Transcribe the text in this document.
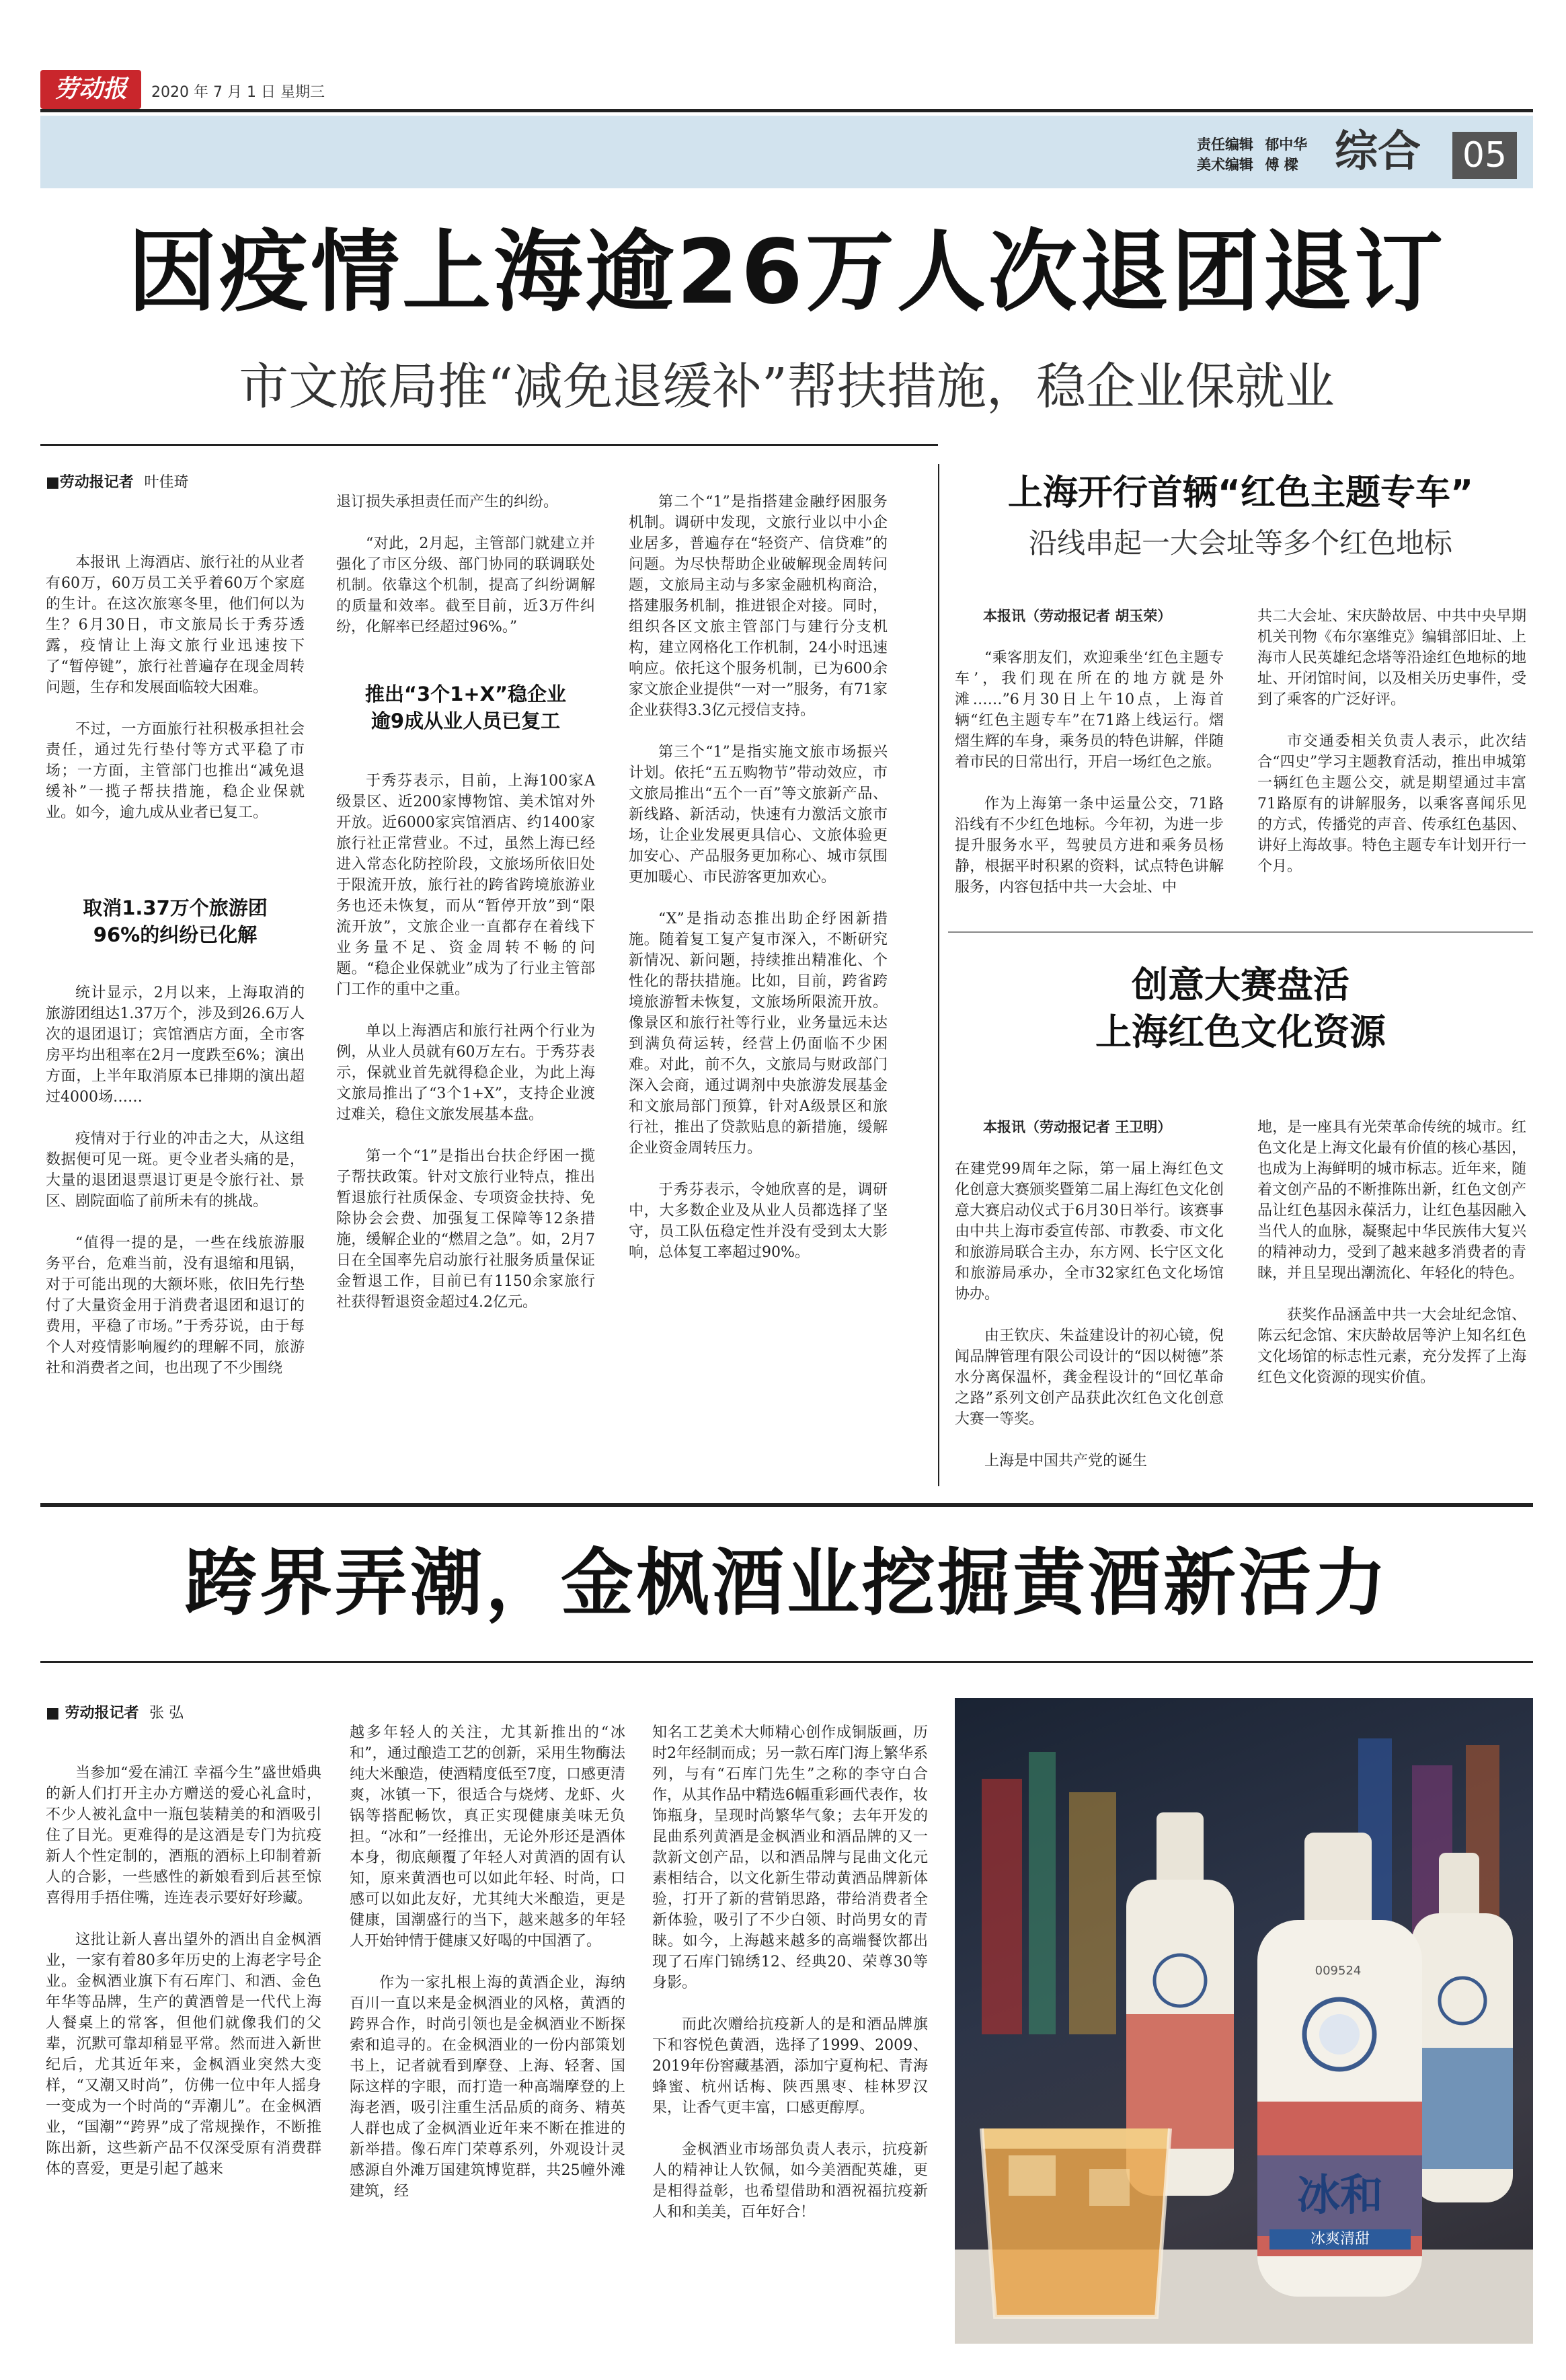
劳动报	2020 年 7 月 1 日 星期三
责任编辑 郁中华
美术编辑 傅 樑 综合 05
因疫情上海逾26万人次退团退订
市文旅局推“减免退缓补”帮扶措施，稳企业保就业
■劳动报记者 叶佳琦

本报讯 上海酒店、旅行社的从业者有60万，60万员工关乎着60万个家庭的生计。在这次旅寒冬里，他们何以为生？6月30日，市文旅局长于秀芬透露，疫情让上海文旅行业迅速按下了“暂停键”，旅行社普遍存在现金周转问题，生存和发展面临较大困难。

不过，一方面旅行社积极承担社会责任，通过先行垫付等方式平稳了市场；一方面，主管部门也推出“减免退缓补”一揽子帮扶措施，稳企业保就业。如今，逾九成从业者已复工。

取消1.37万个旅游团
96%的纠纷已化解

统计显示，2月以来，上海取消的旅游团组达1.37万个，涉及到26.6万人次的退团退订；宾馆酒店方面，全市客房平均出租率在2月一度跌至6%；演出方面，上半年取消原本已排期的演出超过4000场……

疫情对于行业的冲击之大，从这组数据便可见一斑。更令业者头痛的是，大量的退团退票退订更是令旅行社、景区、剧院面临了前所未有的挑战。

“值得一提的是，一些在线旅游服务平台，危难当前，没有退缩和甩锅，对于可能出现的大额坏账，依旧先行垫付了大量资金用于消费者退团和退订的费用，平稳了市场。”于秀芬说，由于每个人对疫情影响履约的理解不同，旅游社和消费者之间，也出现了不少围绕

退订损失承担责任而产生的纠纷。

“对此，2月起，主管部门就建立并强化了市区分级、部门协同的联调联处机制。依靠这个机制，提高了纠纷调解的质量和效率。截至目前，近3万件纠纷，化解率已经超过96%。”

推出“3个1+X”稳企业
逾9成从业人员已复工

于秀芬表示，目前，上海100家A级景区、近200家博物馆、美术馆对外开放。近6000家宾馆酒店、约1400家旅行社正常营业。不过，虽然上海已经进入常态化防控阶段，文旅场所依旧处于限流开放，旅行社的跨省跨境旅游业务也还未恢复，而从“暂停开放”到“限流开放”，文旅企业一直都存在着线下业务量不足、资金周转不畅的问题。“稳企业保就业”成为了行业主管部门工作的重中之重。

单以上海酒店和旅行社两个行业为例，从业人员就有60万左右。于秀芬表示，保就业首先就得稳企业，为此上海文旅局推出了“3个1+X”，支持企业渡过难关，稳住文旅发展基本盘。

第一个“1”是指出台扶企纾困一揽子帮扶政策。针对文旅行业特点，推出暂退旅行社质保金、专项资金扶持、免除协会会费、加强复工保障等12条措施，缓解企业的“燃眉之急”。如，2月7日在全国率先启动旅行社服务质量保证金暂退工作，目前已有1150余家旅行社获得暂退资金超过4.2亿元。

第二个“1”是指搭建金融纾困服务机制。调研中发现，文旅行业以中小企业居多，普遍存在“轻资产、信贷难”的问题。为尽快帮助企业破解现金周转问题，文旅局主动与多家金融机构商洽，搭建服务机制，推进银企对接。同时，组织各区文旅主管部门与建行分支机构，建立网格化工作机制，24小时迅速响应。依托这个服务机制，已为600余家文旅企业提供“一对一”服务，有71家企业获得3.3亿元授信支持。

第三个“1”是指实施文旅市场振兴计划。依托“五五购物节”带动效应，市文旅局推出“五个一百”等文旅新产品、新线路、新活动，快速有力激活文旅市场，让企业发展更具信心、文旅体验更加安心、产品服务更加称心、城市氛围更加暖心、市民游客更加欢心。

“X”是指动态推出助企纾困新措施。随着复工复产复市深入，不断研究新情况、新问题，持续推出精准化、个性化的帮扶措施。比如，目前，跨省跨境旅游暂未恢复，文旅场所限流开放。像景区和旅行社等行业，业务量远未达到满负荷运转，经营上仍面临不少困难。对此，前不久，文旅局与财政部门深入会商，通过调剂中央旅游发展基金和文旅局部门预算，针对A级景区和旅行社，推出了贷款贴息的新措施，缓解企业资金周转压力。

于秀芬表示，令她欣喜的是，调研中，大多数企业及从业人员都选择了坚守，员工队伍稳定性并没有受到太大影响，总体复工率超过90%。

上海开行首辆“红色主题专车”
沿线串起一大会址等多个红色地标

本报讯（劳动报记者 胡玉荣）

“乘客朋友们，欢迎乘坐‘红色主题专车’，我们现在所在的地方就是外滩……”6月30日上午10点，上海首辆“红色主题专车”在71路上线运行。熠熠生辉的车身，乘务员的特色讲解，伴随着市民的日常出行，开启一场红色之旅。

作为上海第一条中运量公交，71路沿线有不少红色地标。今年初，为进一步提升服务水平，驾驶员方进和乘务员杨静，根据平时积累的资料，试点特色讲解服务，内容包括中共一大会址、中

共二大会址、宋庆龄故居、中共中央早期机关刊物《布尔塞维克》编辑部旧址、上海市人民英雄纪念塔等沿途红色地标的地址、开闭馆时间，以及相关历史事件，受到了乘客的广泛好评。

市交通委相关负责人表示，此次结合“四史”学习主题教育活动，推出申城第一辆红色主题公交，就是期望通过丰富71路原有的讲解服务，以乘客喜闻乐见的方式，传播党的声音、传承红色基因、讲好上海故事。特色主题专车计划开行一个月。

创意大赛盘活
上海红色文化资源

本报讯（劳动报记者 王卫明）

在建党99周年之际，第一届上海红色文化创意大赛颁奖暨第二届上海红色文化创意大赛启动仪式于6月30日举行。该赛事由中共上海市委宣传部、市教委、市文化和旅游局联合主办，东方网、长宁区文化和旅游局承办，全市32家红色文化场馆协办。

由王钦庆、朱益建设计的初心镜，倪闻品牌管理有限公司设计的“因以树德”茶水分离保温杯，龚金程设计的“回忆革命之路”系列文创产品获此次红色文化创意大赛一等奖。

上海是中国共产党的诞生

地，是一座具有光荣革命传统的城市。红色文化是上海文化最有价值的核心基因，也成为上海鲜明的城市标志。近年来，随着文创产品的不断推陈出新，红色文创产品让红色基因永葆活力，让红色基因融入当代人的血脉，凝聚起中华民族伟大复兴的精神动力，受到了越来越多消费者的青睐，并且呈现出潮流化、年轻化的特色。

获奖作品涵盖中共一大会址纪念馆、陈云纪念馆、宋庆龄故居等沪上知名红色文化场馆的标志性元素，充分发挥了上海红色文化资源的现实价值。

跨界弄潮，金枫酒业挖掘黄酒新活力
■ 劳动报记者 张 弘

当参加“爱在浦江 幸福今生”盛世婚典的新人们打开主办方赠送的爱心礼盒时，不少人被礼盒中一瓶包装精美的和酒吸引住了目光。更难得的是这酒是专门为抗疫新人个性定制的，酒瓶的酒标上印制着新人的合影，一些感性的新娘看到后甚至惊喜得用手捂住嘴，连连表示要好好珍藏。

这批让新人喜出望外的酒出自金枫酒业，一家有着80多年历史的上海老字号企业。金枫酒业旗下有石库门、和酒、金色年华等品牌，生产的黄酒曾是一代代上海人餐桌上的常客，但他们就像我们的父辈，沉默可靠却稍显平常。然而进入新世纪后，尤其近年来，金枫酒业突然大变样，“又潮又时尚”，仿佛一位中年人摇身一变成为一个时尚的“弄潮儿”。在金枫酒业，“国潮”“跨界”成了常规操作，不断推陈出新，这些新产品不仅深受原有消费群体的喜爱，更是引起了越来

越多年轻人的关注，尤其新推出的“冰和”，通过酿造工艺的创新，采用生物酶法纯大米酿造，使酒精度低至7度，口感更清爽，冰镇一下，很适合与烧烤、龙虾、火锅等搭配畅饮，真正实现健康美味无负担。“冰和”一经推出，无论外形还是酒体本身，彻底颠覆了年轻人对黄酒的固有认知，原来黄酒也可以如此年轻、时尚，口感可以如此友好，尤其纯大米酿造，更是健康，国潮盛行的当下，越来越多的年轻人开始钟情于健康又好喝的中国酒了。

作为一家扎根上海的黄酒企业，海纳百川一直以来是金枫酒业的风格，黄酒的跨界合作，时尚引领也是金枫酒业不断探索和追寻的。在金枫酒业的一份内部策划书上，记者就看到摩登、上海、轻奢、国际这样的字眼，而打造一种高端摩登的上海老酒，吸引注重生活品质的商务、精英人群也成了金枫酒业近年来不断在推进的新举措。像石库门荣尊系列，外观设计灵感源自外滩万国建筑博览群，共25幢外滩建筑，经

知名工艺美术大师精心创作成铜版画，历时2年经制而成；另一款石库门海上繁华系列，与有“石库门先生”之称的李守白合作，从其作品中精选6幅重彩画代表作，妆饰瓶身，呈现时尚繁华气象；去年开发的昆曲系列黄酒是金枫酒业和酒品牌的又一款新文创产品，以和酒品牌与昆曲文化元素相结合，以文化新生带动黄酒品牌新体验，打开了新的营销思路，带给消费者全新体验，吸引了不少白领、时尚男女的青睐。如今，上海越来越多的高端餐饮都出现了石库门锦绣12、经典20、荣尊30等身影。

而此次赠给抗疫新人的是和酒品牌旗下和容悦色黄酒，选择了1999、2009、2019年份窖藏基酒，添加宁夏枸杞、青海蜂蜜、杭州话梅、陕西黑枣、桂林罗汉果，让香气更丰富，口感更醇厚。

金枫酒业市场部负责人表示，抗疫新人的精神让人钦佩，如今美酒配英雄，更是相得益彰，也希望借助和酒祝福抗疫新人和和美美，百年好合！	冰和
冰爽清甜
009524
